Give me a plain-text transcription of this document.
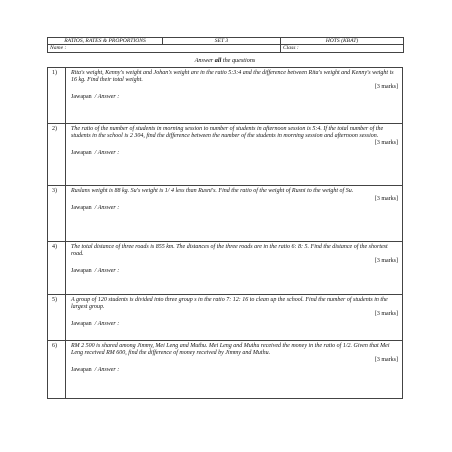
RATIOS, RATES & PROPORTIONS	SET 3	HOTS (KBAT)
Name :		Class :
Answer all the questions
1)	Rita's weight, Kenny's weight and Johan's weight are in the ratio 5:3:4 and the difference between Rita's weight and Kenny's weight is 16 kg. Find their total weight.
[3 marks]
Jawapan / Answer :
2)	The ratio of the number of students in morning session to number of students in afternoon session is 5:4. If the total number of the students in the school is 2 304, find the difference between the number of the students in morning session and afternoon session.
[3 marks]
Jawapan / Answer :
3)	Ruslans weight is 88 kg. Su's weight is 1/ 4 less than Rusni's. Find the ratio of the weight of Rusni to the weight of Su.
[3 marks]
Jawapan / Answer :
4)	The total distance of three roads is 855 km. The distances of the three roads are in the ratio 6: 8: 5. Find the distance of the shortest road.
[3 marks]
Jawapan / Answer :
5)	A group of 120 students is divided into three group s in the ratio 7: 12: 16 to clean up the school. Find the number of students in the largest group.
[3 marks]
Jawapan / Answer :
6)	RM 2 500 is shared among Jimmy, Mei Leng and Muthu. Mei Leng and Muthu received the money in the ratio of 1/2. Given that Mei Leng received RM 600, find the difference of money received by Jimmy and Muthu.
[3 marks]
Jawapan / Answer :
